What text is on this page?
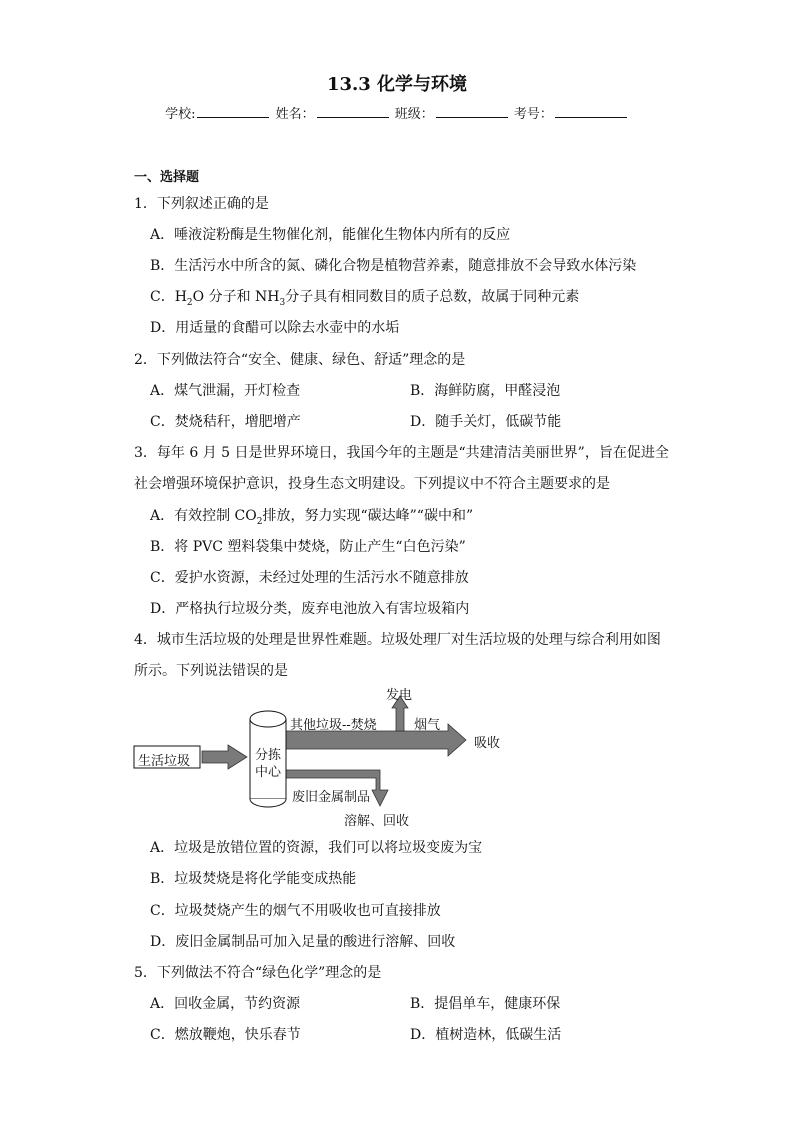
13.3 化学与环境
学校:	姓名：	班级：	考号：
一、选择题
1．下列叙述正确的是
A．唾液淀粉酶是生物催化剂，能催化生物体内所有的反应
B．生活污水中所含的氮、磷化合物是植物营养素，随意排放不会导致水体污染
C．$H_2O$ 分子和 $NH_3$分子具有相同数目的质子总数，故属于同种元素
D．用适量的食醋可以除去水壶中的水垢
2．下列做法符合“安全、健康、绿色、舒适”理念的是
A．煤气泄漏，开灯检查	B．海鲜防腐，甲醛浸泡
C．焚烧秸秆，增肥增产	D．随手关灯，低碳节能
3．每年 6 月 5 日是世界环境日，我国今年的主题是“共建清洁美丽世界”，旨在促进全
社会增强环境保护意识，投身生态文明建设。下列提议中不符合主题要求的是
A．有效控制 $CO_2$排放，努力实现“碳达峰”“碳中和”
B．将 PVC 塑料袋集中焚烧，防止产生“白色污染”
C．爱护水资源，未经过处理的生活污水不随意排放
D．严格执行垃圾分类，废弃电池放入有害垃圾箱内
4．城市生活垃圾的处理是世界性难题。垃圾处理厂对生活垃圾的处理与综合利用如图
所示。下列说法错误的是
生活垃圾	分拣
中心
其他垃圾--焚烧
发电
烟气
吸收
废旧金属制品
溶解、回收
A．垃圾是放错位置的资源，我们可以将垃圾变废为宝
B．垃圾焚烧是将化学能变成热能
C．垃圾焚烧产生的烟气不用吸收也可直接排放
D．废旧金属制品可加入足量的酸进行溶解、回收
5．下列做法不符合“绿色化学”理念的是
A．回收金属，节约资源	B．提倡单车，健康环保
C．燃放鞭炮，快乐春节	D．植树造林，低碳生活
